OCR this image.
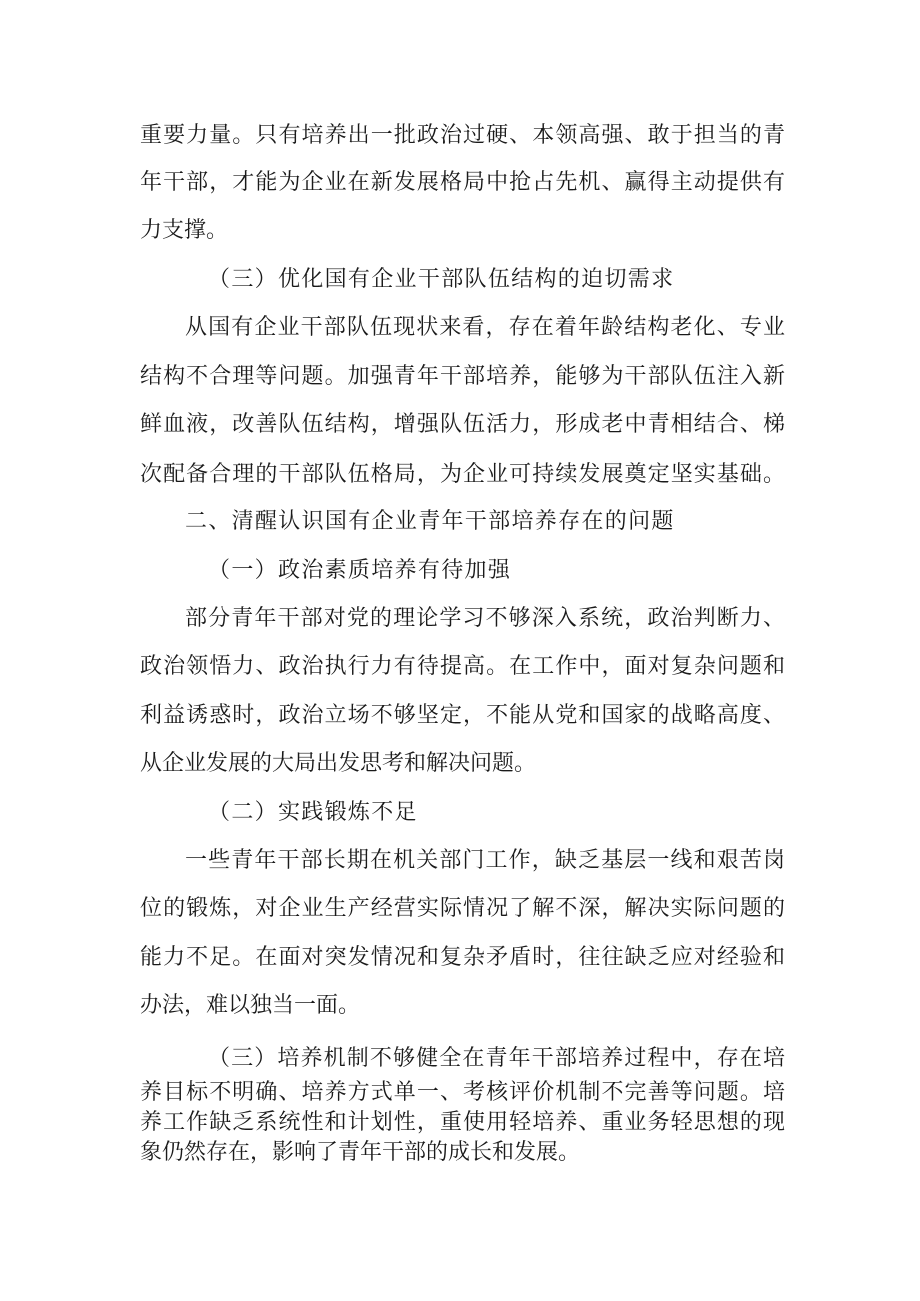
重要力量。只有培养出一批政治过硬、本领高强、敢于担当的青
年干部，才能为企业在新发展格局中抢占先机、赢得主动提供有
力支撑。
（三）优化国有企业干部队伍结构的迫切需求
从国有企业干部队伍现状来看，存在着年龄结构老化、专业
结构不合理等问题。加强青年干部培养，能够为干部队伍注入新
鲜血液，改善队伍结构，增强队伍活力，形成老中青相结合、梯
次配备合理的干部队伍格局，为企业可持续发展奠定坚实基础。
二、清醒认识国有企业青年干部培养存在的问题
（一）政治素质培养有待加强
部分青年干部对党的理论学习不够深入系统，政治判断力、
政治领悟力、政治执行力有待提高。在工作中，面对复杂问题和
利益诱惑时，政治立场不够坚定，不能从党和国家的战略高度、
从企业发展的大局出发思考和解决问题。
（二）实践锻炼不足
一些青年干部长期在机关部门工作，缺乏基层一线和艰苦岗
位的锻炼，对企业生产经营实际情况了解不深，解决实际问题的
能力不足。在面对突发情况和复杂矛盾时，往往缺乏应对经验和
办法，难以独当一面。
（三）培养机制不够健全在青年干部培养过程中，存在培
养目标不明确、培养方式单一、考核评价机制不完善等问题。培
养工作缺乏系统性和计划性，重使用轻培养、重业务轻思想的现
象仍然存在，影响了青年干部的成长和发展。
